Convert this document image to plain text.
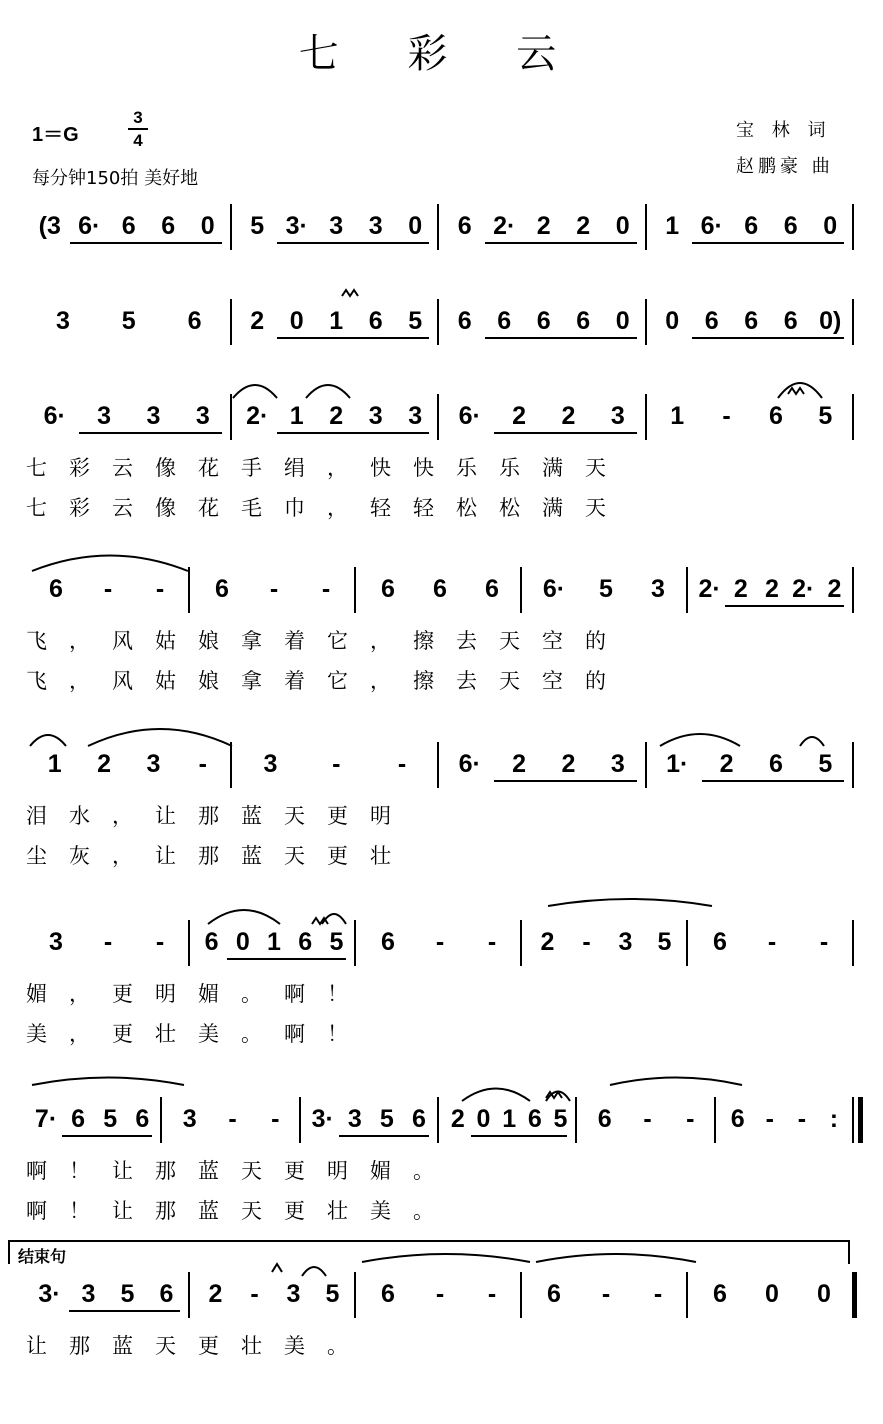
七 彩 云
1＝G
3
4
每分钟150拍 美好地
宝 林 词
赵鹏豪 曲
结束句
(3 6· 6	6	0	5 3· 3	3	0	6 2· 2	2	0	1 6· 6	6	0
3	5	6	2	0	1	6	5	6	6	6	6	0	0	6	6	6 0)
6·	3	3	3	2· 1	2	3	3	6·	2	2	3	1	-	6	5
七彩云像花手绢，快快乐乐满天
七彩云像花毛巾，轻轻松松满天
6	-	-	6	-	-	6	6	6	6·	5	3	2· 2 2 2· 2
飞，风姑娘拿着它，擦去天空的
飞，风姑娘拿着它，擦去天空的
1	2	3	-	3	-	-	6·	2	2	3	1·	2	6	5
泪水，让那蓝天更明
尘灰，让那蓝天更壮
3	-	-	6 0 1 6 5	6	-	-	2	-	3	5	6	-	-
媚，更明媚。啊！
美，更壮美。啊！
7· 6 5 6	3	-	-	3· 3 5 6 2 0 1 6 5	6	-	-	6 - - :
啊！让那蓝天更明媚。
啊！让那蓝天更壮美。
3· 3	5	6	2	-	3	5	6	-	-	6	-	-	6	0	0
让那蓝天更壮美。
